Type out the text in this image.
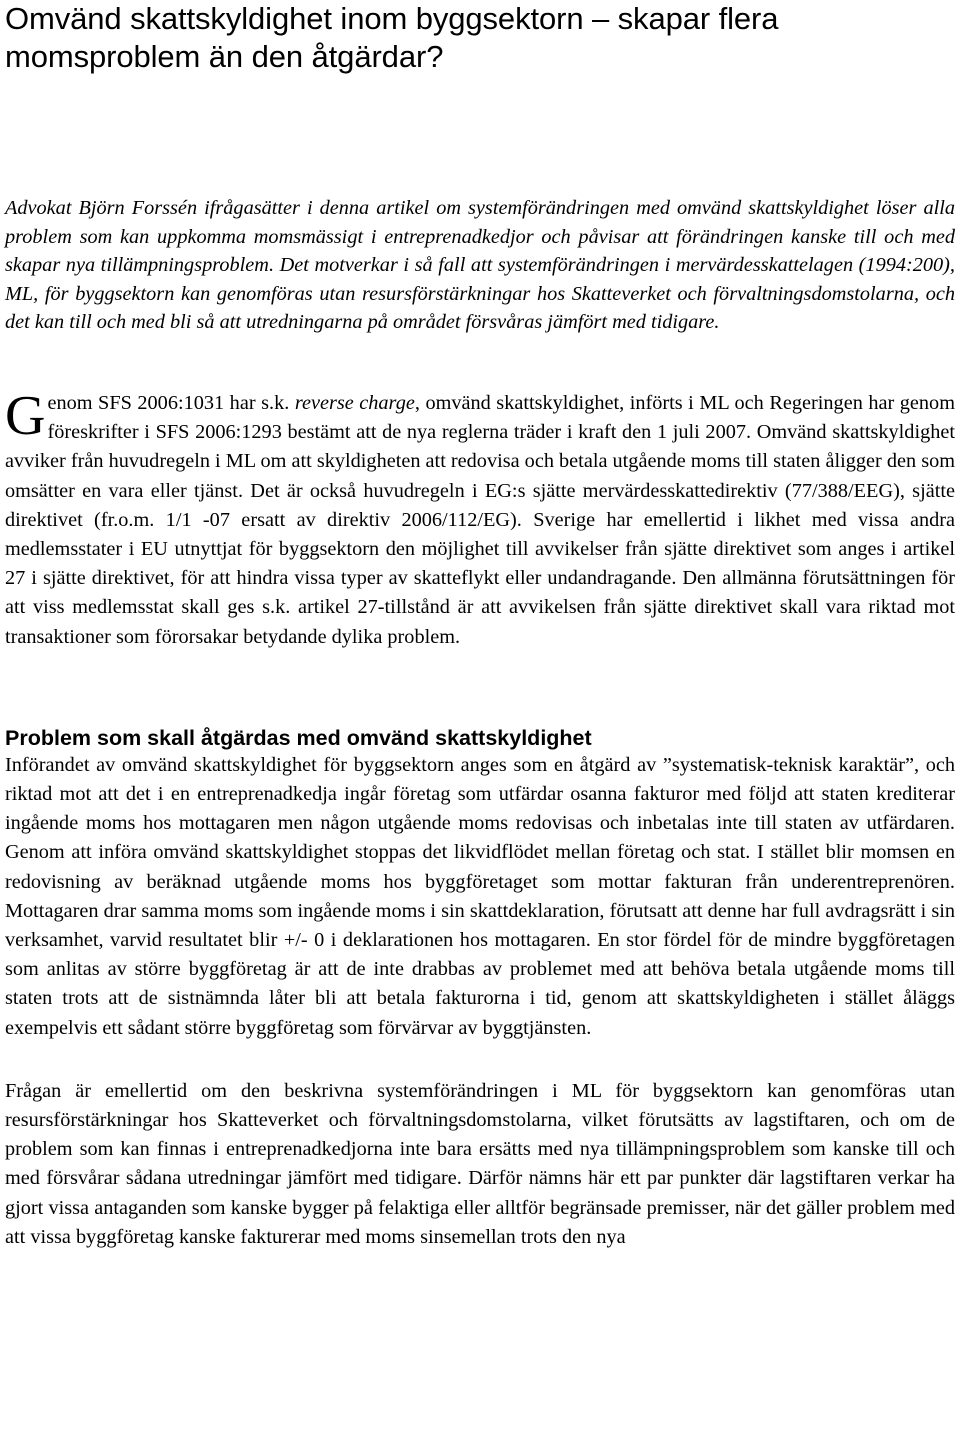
Omvänd skattskyldighet inom byggsektorn – skapar flera momsproblem än den åtgärdar?

Advokat Björn Forssén ifrågasätter i denna artikel om systemförändringen med omvänd skattskyldighet löser alla problem som kan uppkomma momsmässigt i entreprenadkedjor och påvisar att förändringen kanske till och med skapar nya tillämpningsproblem. Det motverkar i så fall att systemförändringen i mervärdesskattelagen (1994:200), ML, för byggsektorn kan genomföras utan resursförstärkningar hos Skatteverket och förvaltningsdomstolarna, och det kan till och med bli så att utredningarna på området försvåras jämfört med tidigare.

Genom SFS 2006:1031 har s.k. reverse charge, omvänd skattskyldighet, införts i ML och Regeringen har genom föreskrifter i SFS 2006:1293 bestämt att de nya reglerna träder i kraft den 1 juli 2007. Omvänd skattskyldighet avviker från huvudregeln i ML om att skyldigheten att redovisa och betala utgående moms till staten åligger den som omsätter en vara eller tjänst. Det är också huvudregeln i EG:s sjätte mervärdesskattedirektiv (77/388/EEG), sjätte direktivet (fr.o.m. 1/1 -07 ersatt av direktiv 2006/112/EG). Sverige har emellertid i likhet med vissa andra medlemsstater i EU utnyttjat för byggsektorn den möjlighet till avvikelser från sjätte direktivet som anges i artikel 27 i sjätte direktivet, för att hindra vissa typer av skatteflykt eller undandragande. Den allmänna förutsättningen för att viss medlemsstat skall ges s.k. artikel 27-tillstånd är att avvikelsen från sjätte direktivet skall vara riktad mot transaktioner som förorsakar betydande dylika problem.

Problem som skall åtgärdas med omvänd skattskyldighet

Införandet av omvänd skattskyldighet för byggsektorn anges som en åtgärd av ”systematisk-teknisk karaktär”, och riktad mot att det i en entreprenadkedja ingår företag som utfärdar osanna fakturor med följd att staten krediterar ingående moms hos mottagaren men någon utgående moms redovisas och inbetalas inte till staten av utfärdaren. Genom att införa omvänd skattskyldighet stoppas det likvidflödet mellan företag och stat. I stället blir momsen en redovisning av beräknad utgående moms hos byggföretaget som mottar fakturan från underentreprenören. Mottagaren drar samma moms som ingående moms i sin skattdeklaration, förutsatt att denne har full avdragsrätt i sin verksamhet, varvid resultatet blir +/- 0 i deklarationen hos mottagaren. En stor fördel för de mindre byggföretagen som anlitas av större byggföretag är att de inte drabbas av problemet med att behöva betala utgående moms till staten trots att de sistnämnda låter bli att betala fakturorna i tid, genom att skattskyldigheten i stället åläggs exempelvis ett sådant större byggföretag som förvärvar av byggtjänsten.

Frågan är emellertid om den beskrivna systemförändringen i ML för byggsektorn kan genomföras utan resursförstärkningar hos Skatteverket och förvaltningsdomstolarna, vilket förutsätts av lagstiftaren, och om de problem som kan finnas i entreprenadkedjorna inte bara ersätts med nya tillämpningsproblem som kanske till och med försvårar sådana utredningar jämfört med tidigare. Därför nämns här ett par punkter där lagstiftaren verkar ha gjort vissa antaganden som kanske bygger på felaktiga eller alltför begränsade premisser, när det gäller problem med att vissa byggföretag kanske fakturerar med moms sinsemellan trots den nya
